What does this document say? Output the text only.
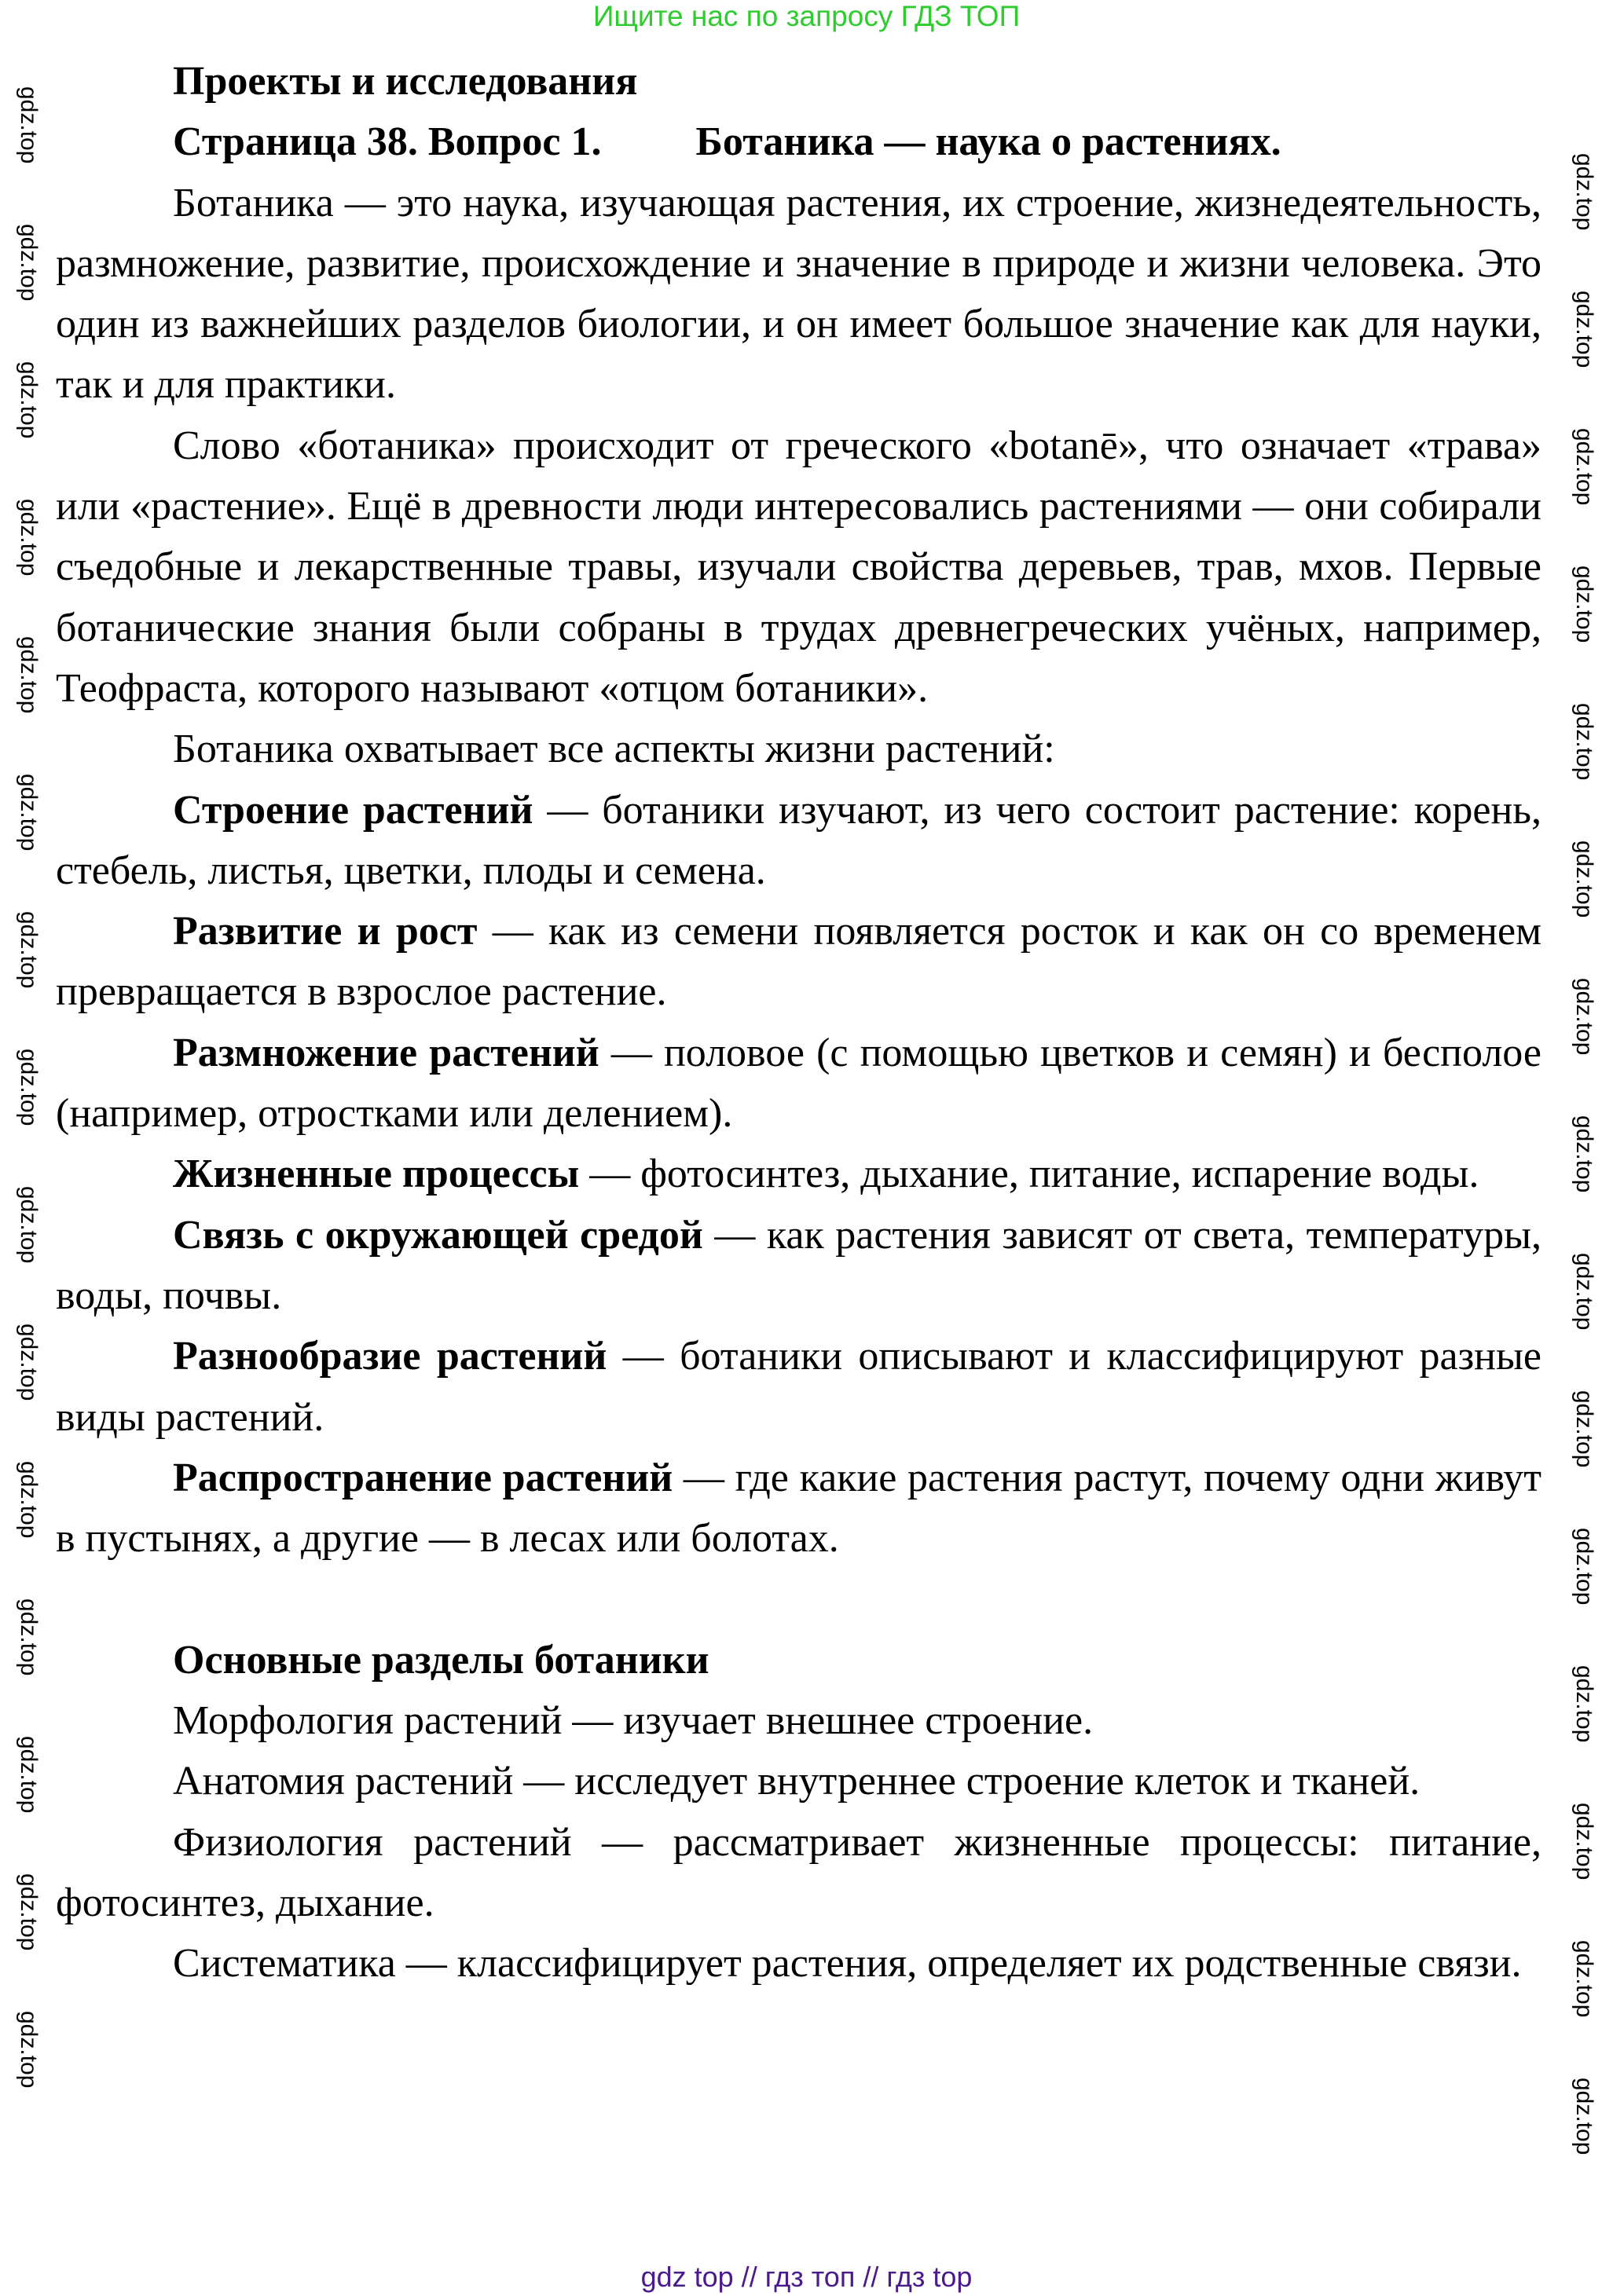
Ищите нас по запросу ГДЗ ТОП

Проекты и исследования

Страница 38. Вопрос 1. Ботаника — наука о растениях.

Ботаника — это наука, изучающая растения, их строение, жизнедеятельность, размножение, развитие, происхождение и значение в природе и жизни человека. Это один из важнейших разделов биологии, и он имеет большое значение как для науки, так и для практики.

Слово «ботаника» происходит от греческого «botanē», что означает «трава» или «растение». Ещё в древности люди интересовались растениями — они собирали съедобные и лекарственные травы, изучали свойства деревьев, трав, мхов. Первые ботанические знания были собраны в трудах древнегреческих учёных, например, Теофраста, которого называют «отцом ботаники».

Ботаника охватывает все аспекты жизни растений:

Строение растений — ботаники изучают, из чего состоит растение: корень, стебель, листья, цветки, плоды и семена.

Развитие и рост — как из семени появляется росток и как он со временем превращается в взрослое растение.

Размножение растений — половое (с помощью цветков и семян) и бесполое (например, отростками или делением).

Жизненные процессы — фотосинтез, дыхание, питание, испарение воды.

Связь с окружающей средой — как растения зависят от света, температуры, воды, почвы.

Разнообразие растений — ботаники описывают и классифицируют разные виды растений.

Распространение растений — где какие растения растут, почему одни живут в пустынях, а другие — в лесах или болотах.

Основные разделы ботаники

Морфология растений — изучает внешнее строение.

Анатомия растений — исследует внутреннее строение клеток и тканей.

Физиология растений — рассматривает жизненные процессы: питание, фотосинтез, дыхание.

Систематика — классифицирует растения, определяет их родственные связи.

gdz.top
gdz.top
gdz.top
gdz.top
gdz.top
gdz.top
gdz.top
gdz.top
gdz.top
gdz.top
gdz.top
gdz.top
gdz.top
gdz.top
gdz.top
gdz.top
gdz.top
gdz.top
gdz.top
gdz.top
gdz.top
gdz.top
gdz.top
gdz.top
gdz.top
gdz.top
gdz.top
gdz.top
gdz.top
gdz.top
gdz top // гдз топ // гдз top
